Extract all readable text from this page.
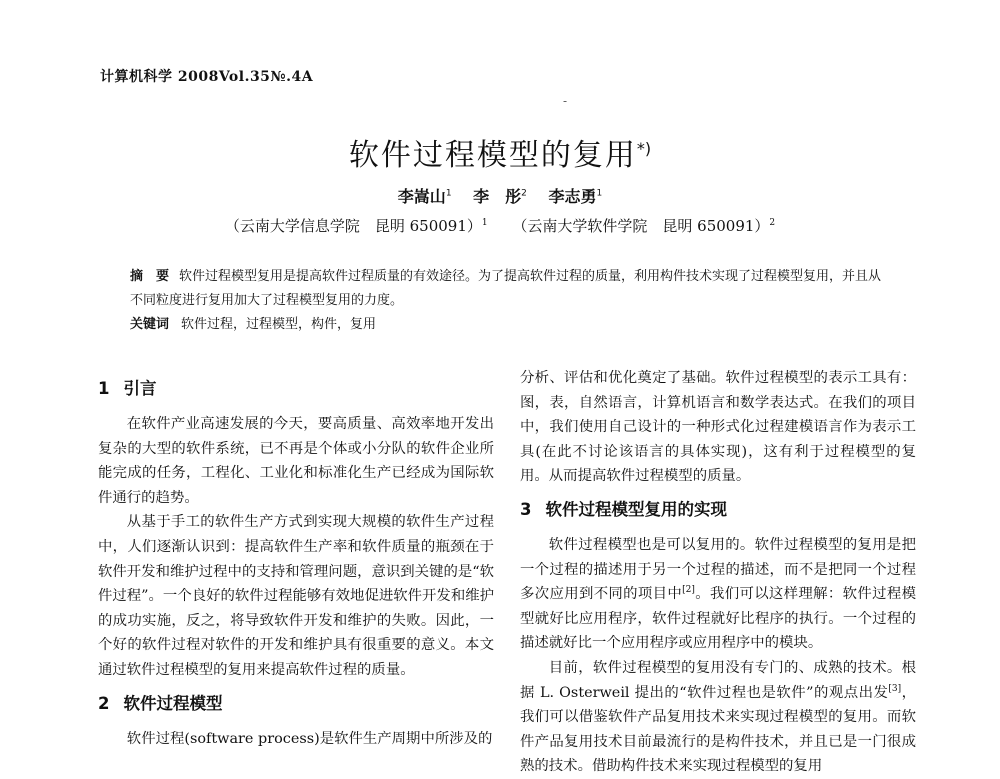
计算机科学 2008Vol.35№.4A
-
软件过程模型的复用*)
李嵩山$^1$ 李　彤$^2$ 李志勇$^1$
（云南大学信息学院　昆明 650091）$^1$ （云南大学软件学院　昆明 650091）$^2$
摘　要 软件过程模型复用是提高软件过程质量的有效途径。为了提高软件过程的质量，利用构件技术实现了过程模型复用，并且从不同粒度进行复用加大了过程模型复用的力度。
关键词 软件过程，过程模型，构件，复用
1 引言

在软件产业高速发展的今天，要高质量、高效率地开发出复杂的大型的软件系统，已不再是个体或小分队的软件企业所能完成的任务，工程化、工业化和标准化生产已经成为国际软件通行的趋势。

从基于手工的软件生产方式到实现大规模的软件生产过程中，人们逐渐认识到：提高软件生产率和软件质量的瓶颈在于软件开发和维护过程中的支持和管理问题，意识到关键的是“软件过程”。一个良好的软件过程能够有效地促进软件开发和维护的成功实施，反之，将导致软件开发和维护的失败。因此，一个好的软件过程对软件的开发和维护具有很重要的意义。本文通过软件过程模型的复用来提高软件过程的质量。

2 软件过程模型

软件过程(software process)是软件生产周期中所涉及的

分析、评估和优化奠定了基础。软件过程模型的表示工具有：图，表，自然语言，计算机语言和数学表达式。在我们的项目中，我们使用自己设计的一种形式化过程建模语言作为表示工具(在此不讨论该语言的具体实现)，这有利于过程模型的复用。从而提高软件过程模型的质量。

3 软件过程模型复用的实现

软件过程模型也是可以复用的。软件过程模型的复用是把一个过程的描述用于另一个过程的描述，而不是把同一个过程多次应用到不同的项目中[2]。我们可以这样理解：软件过程模型就好比应用程序，软件过程就好比程序的执行。一个过程的描述就好比一个应用程序或应用程序中的模块。

目前，软件过程模型的复用没有专门的、成熟的技术。根据 L. Osterweil 提出的“软件过程也是软件”的观点出发[3]，我们可以借鉴软件产品复用技术来实现过程模型的复用。而软件产品复用技术目前最流行的是构件技术，并且已是一门很成熟的技术。借助构件技术来实现过程模型的复用
